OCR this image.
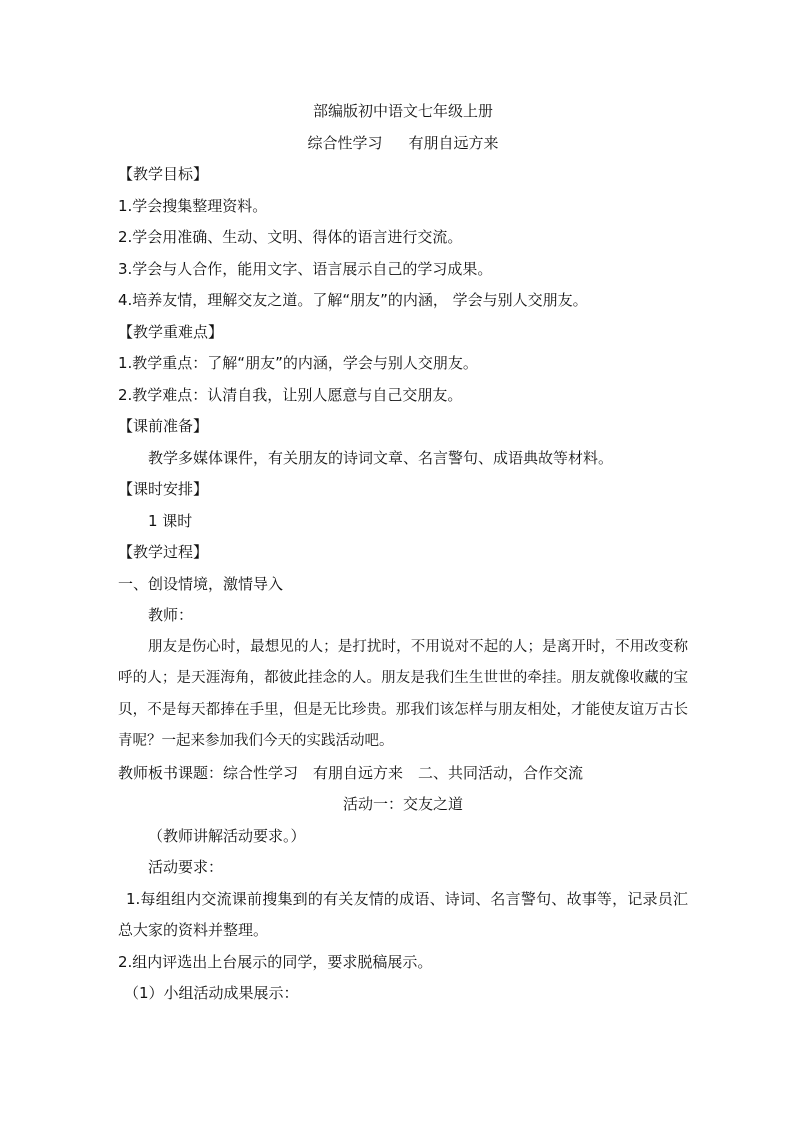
部编版初中语文七年级上册
综合性学习 有朋自远方来
【教学目标】
1.学会搜集整理资料。
2.学会用准确、生动、文明、得体的语言进行交流。
3.学会与人合作，能用文字、语言展示自己的学习成果。
4.培养友情，理解交友之道。了解“朋友”的内涵， 学会与别人交朋友。
【教学重难点】
1.教学重点：了解“朋友”的内涵，学会与别人交朋友。
2.教学难点：认清自我，让别人愿意与自己交朋友。
【课前准备】
教学多媒体课件，有关朋友的诗词文章、名言警句、成语典故等材料。
【课时安排】
1 课时
【教学过程】
一、创设情境，激情导入
教师：
朋友是伤心时，最想见的人；是打扰时，不用说对不起的人；是离开时，不用改变称呼的人；是天涯海角，都彼此挂念的人。朋友是我们生生世世的牵挂。朋友就像收藏的宝贝，不是每天都捧在手里，但是无比珍贵。那我们该怎样与朋友相处，才能使友谊万古长青呢？一起来参加我们今天的实践活动吧。
教师板书课题：综合性学习　有朋自远方来　二、共同活动，合作交流
活动一：交友之道
（教师讲解活动要求。）
活动要求：
1.每组组内交流课前搜集到的有关友情的成语、诗词、名言警句、故事等，记录员汇总大家的资料并整理。
2.组内评选出上台展示的同学，要求脱稿展示。
（1）小组活动成果展示：
